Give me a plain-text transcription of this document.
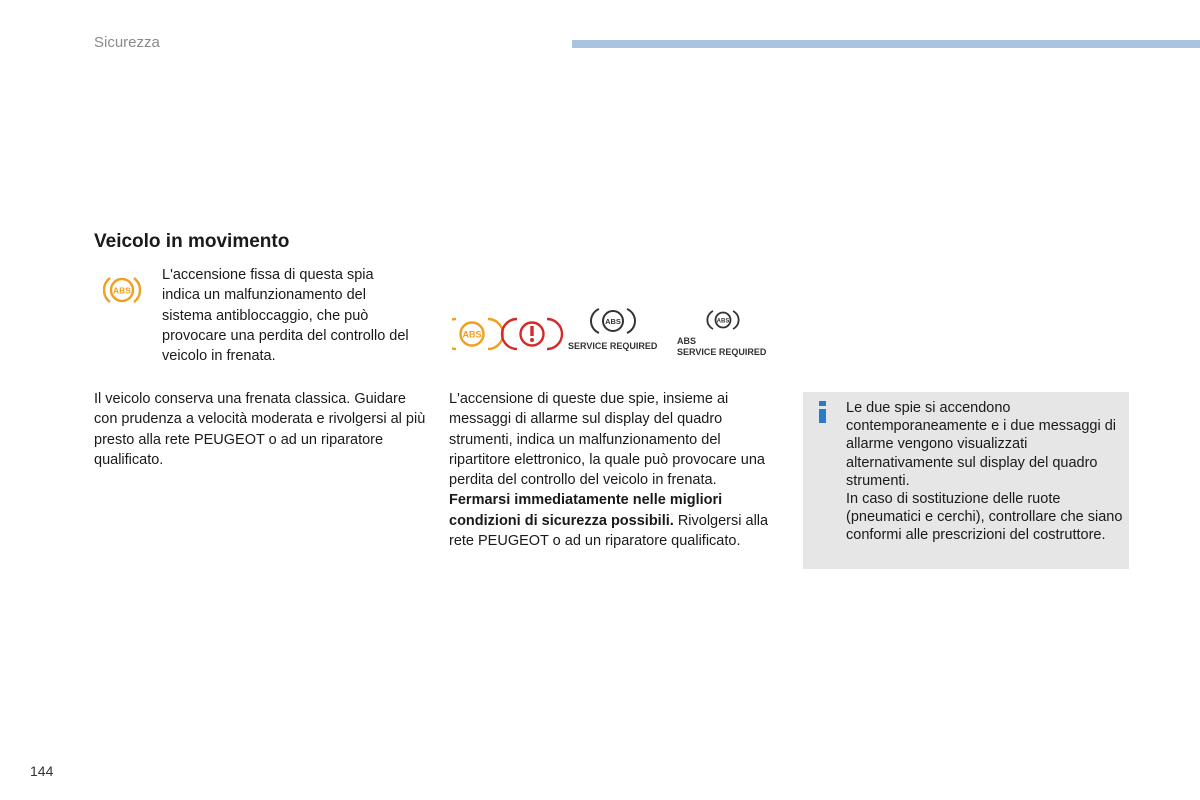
Sicurezza
Veicolo in movimento
ABS

L'accensione fissa di questa spia indica un malfunzionamento del sistema antibloccaggio, che può provocare una perdita del controllo del veicolo in frenata.

Il veicolo conserva una frenata classica. Guidare con prudenza a velocità moderata e rivolgersi al più presto alla rete PEUGEOT o ad un riparatore qualificato.

ABS
ABS
SERVICE REQUIRED
ABS
ABS
SERVICE REQUIRED

L'accensione di queste due spie, insieme ai messaggi di allarme sul display del quadro strumenti, indica un malfunzionamento del ripartitore elettronico, la quale può provocare una perdita del controllo del veicolo in frenata. Fermarsi immediatamente nelle migliori condizioni di sicurezza possibili. Rivolgersi alla rete PEUGEOT o ad un riparatore qualificato.

Le due spie si accendono contemporaneamente e i due messaggi di allarme vengono visualizzati alternativamente sul display del quadro strumenti.

In caso di sostituzione delle ruote (pneumatici e cerchi), controllare che siano conformi alle prescrizioni del costruttore.

144
